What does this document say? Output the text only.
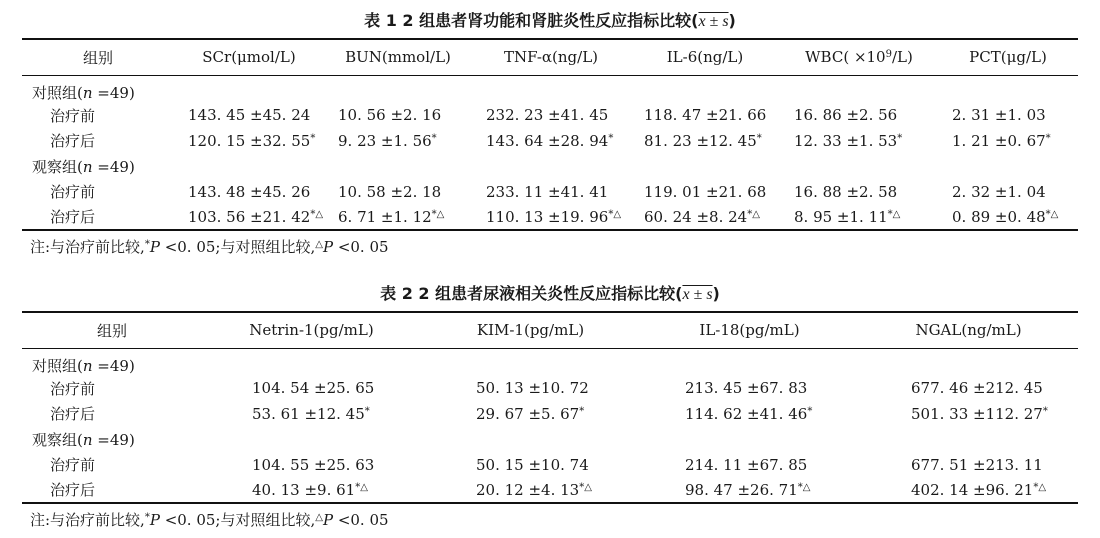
表 1 2 组患者肾功能和肾脏炎性反应指标比较(x ± s)
组别	SCr(μmol/L)	BUN(mmol/L)	TNF-α(ng/L)	IL-6(ng/L)	$WBC( \times 10^9/L)$	PCT(μg/L)
对照组(n =49)						
治疗前	143. 45 ±45. 24	10. 56 ±2. 16	232. 23 ±41. 45	118. 47 ±21. 66	16. 86 ±2. 56	2. 31 ±1. 03
治疗后	120. 15 ±32. 55*	9. 23 ±1. 56*	143. 64 ±28. 94*	81. 23 ±12. 45*	12. 33 ±1. 53*	1. 21 ±0. 67*
观察组(n =49)						
治疗前	143. 48 ±45. 26	10. 58 ±2. 18	233. 11 ±41. 41	119. 01 ±21. 68	16. 88 ±2. 58	2. 32 ±1. 04
治疗后	103. 56 ±21. 42*△	6. 71 ±1. 12*△	110. 13 ±19. 96*△	60. 24 ±8. 24*△	8. 95 ±1. 11*△	0. 89 ±0. 48*△
注:与治疗前比较,*P <0. 05;与对照组比较,△P <0. 05
表 2 2 组患者尿液相关炎性反应指标比较(x ± s)
组别	Netrin-1(pg/mL)	KIM-1(pg/mL)	IL-18(pg/mL)	NGAL(ng/mL)
对照组(n =49)				
治疗前	104. 54 ±25. 65	50. 13 ±10. 72	213. 45 ±67. 83	677. 46 ±212. 45
治疗后	53. 61 ±12. 45*	29. 67 ±5. 67*	114. 62 ±41. 46*	501. 33 ±112. 27*
观察组(n =49)				
治疗前	104. 55 ±25. 63	50. 15 ±10. 74	214. 11 ±67. 85	677. 51 ±213. 11
治疗后	40. 13 ±9. 61*△	20. 12 ±4. 13*△	98. 47 ±26. 71*△	402. 14 ±96. 21*△
注:与治疗前比较,*P <0. 05;与对照组比较,△P <0. 05
